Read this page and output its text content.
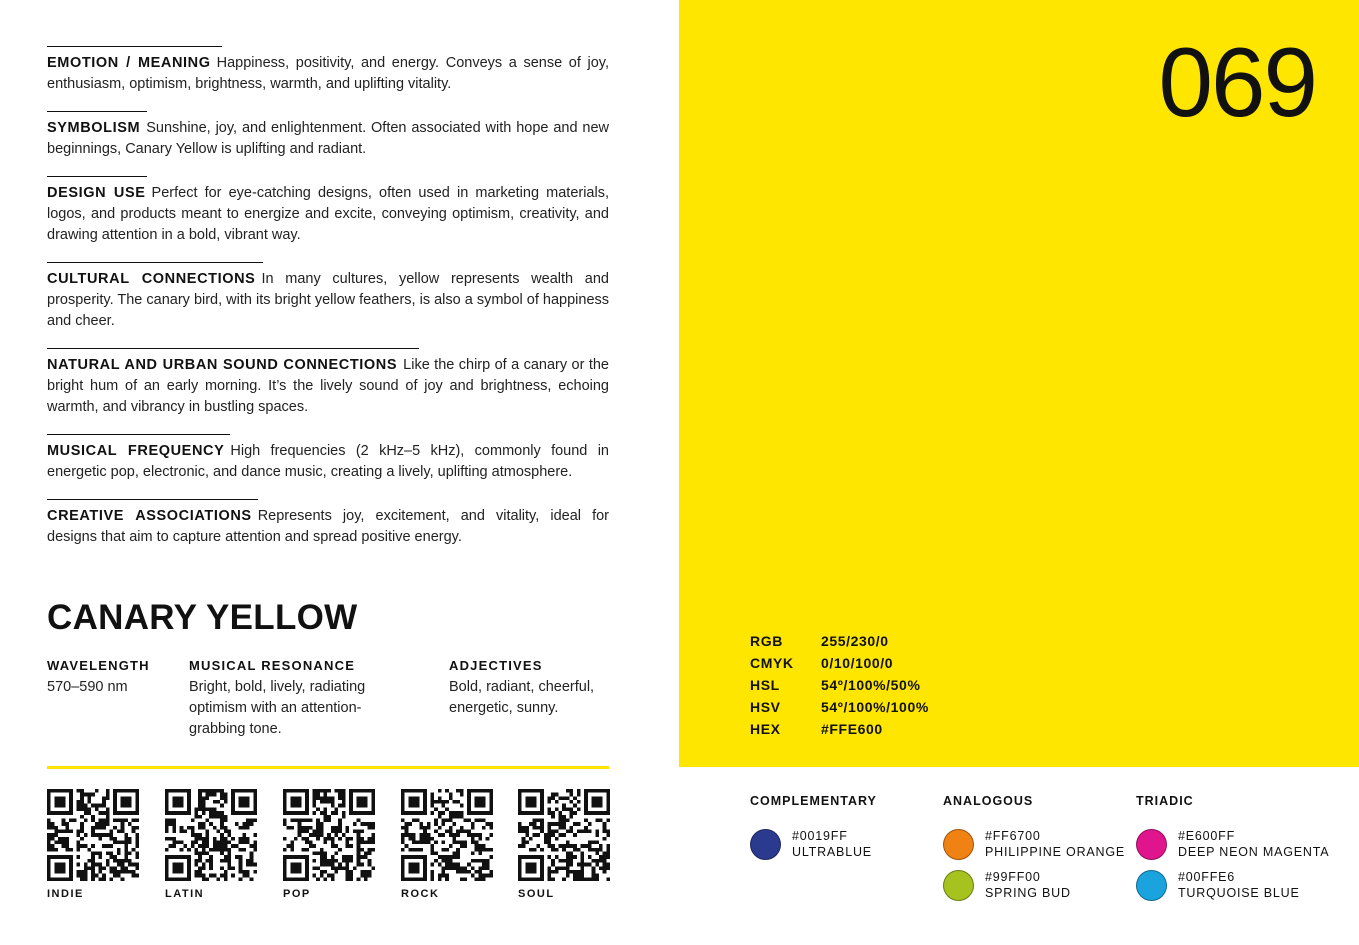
EMOTION / MEANING Happiness, positivity, and energy. Conveys a sense of joy, enthusiasm, optimism, brightness, warmth, and uplifting vitality.

SYMBOLISM Sunshine, joy, and enlightenment. Often associated with hope and new beginnings, Canary Yellow is uplifting and radiant.

DESIGN USE Perfect for eye-catching designs, often used in marketing materials, logos, and products meant to energize and excite, conveying optimism, creativity, and drawing attention in a bold, vibrant way.

CULTURAL CONNECTIONS In many cultures, yellow represents wealth and prosperity. The canary bird, with its bright yellow feathers, is also a symbol of happiness and cheer.

NATURAL AND URBAN SOUND CONNECTIONS Like the chirp of a canary or the bright hum of an early morning. It’s the lively sound of joy and brightness, echoing warmth, and vibrancy in bustling spaces.

MUSICAL FREQUENCY High frequencies (2 kHz–5 kHz), commonly found in energetic pop, electronic, and dance music, creating a lively, uplifting atmosphere.

CREATIVE ASSOCIATIONS Represents joy, excitement, and vitality, ideal for designs that aim to capture attention and spread positive energy.

CANARY YELLOW
WAVELENGTH
570–590 nm
MUSICAL RESONANCE
Bright, bold, lively, radiating optimism with an attention-grabbing tone.
ADJECTIVES
Bold, radiant, cheerful, energetic, sunny.
INDIE	LATIN	POP	ROCK	SOUL
069
RGB	255/230/0
CMYK	0/10/100/0
HSL	54º/100%/50%
HSV	54º/100%/100%
HEX	#FFE600
COMPLEMENTARY
#0019FF
ULTRABLUE
ANALOGOUS
#FF6700
PHILIPPINE ORANGE
#99FF00
SPRING BUD
TRIADIC
#E600FF
DEEP NEON MAGENTA
#00FFE6
TURQUOISE BLUE
